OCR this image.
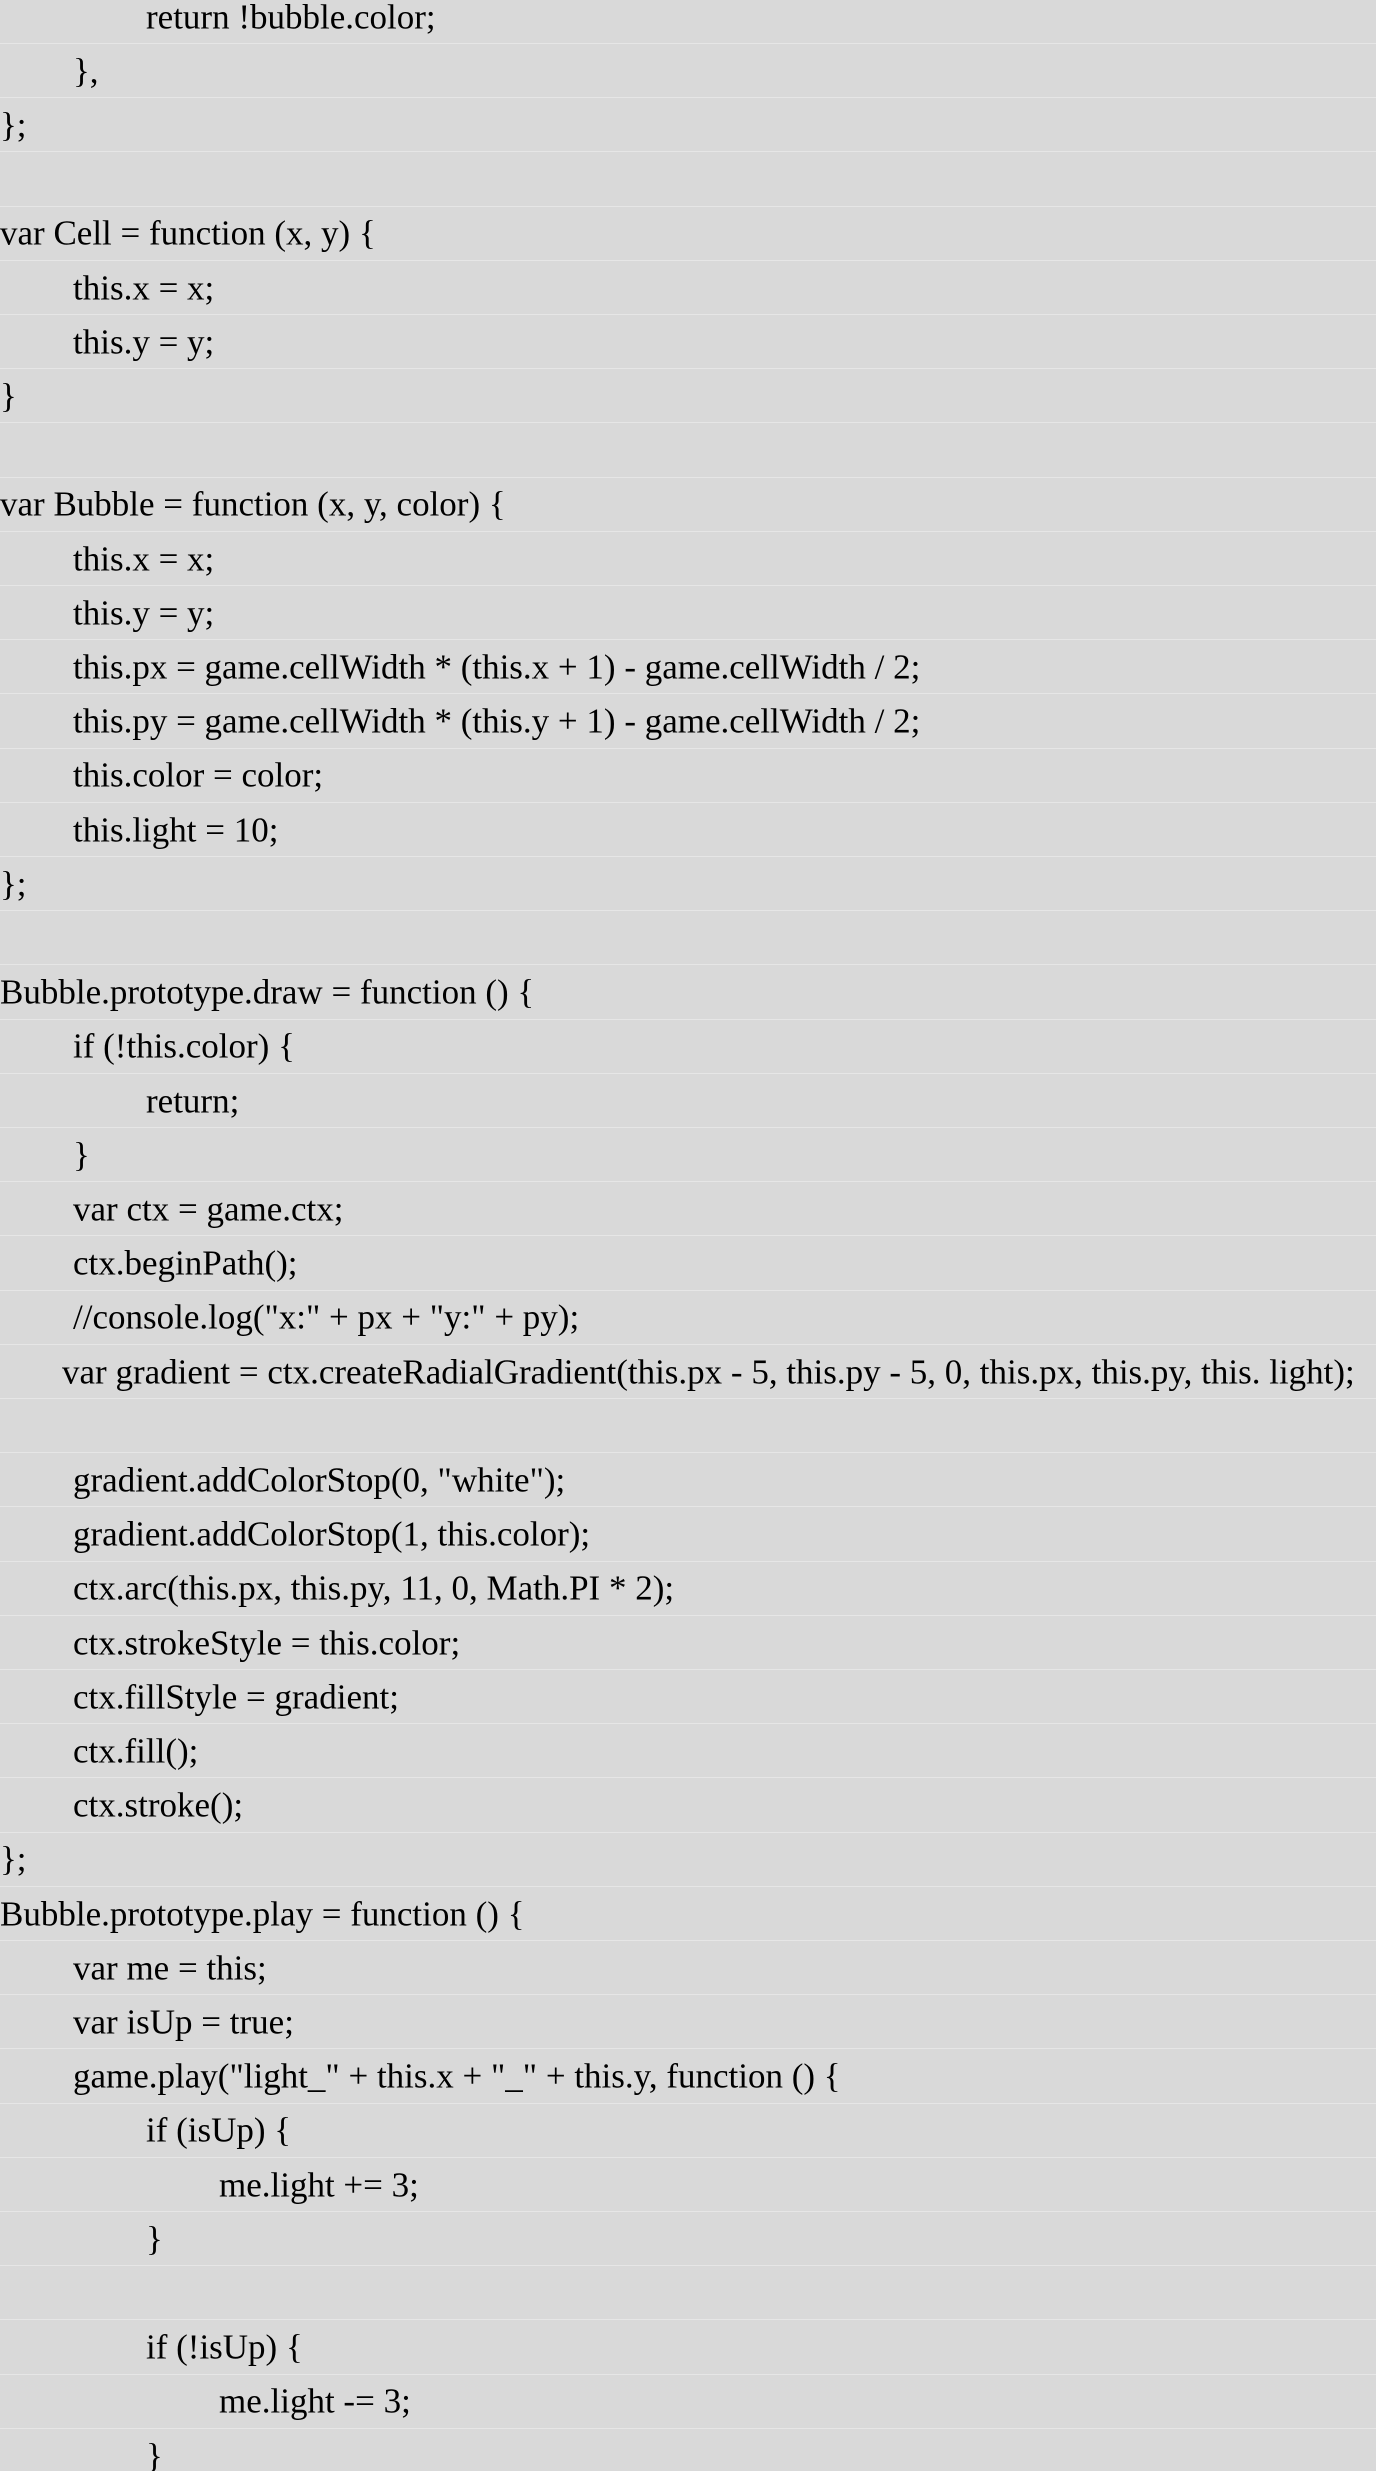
return !bubble.color;
},
};
var Cell = function (x, y) {
this.x = x;
this.y = y;
}
var Bubble = function (x, y, color) {
this.x = x;
this.y = y;
this.px = game.cellWidth * (this.x + 1) - game.cellWidth / 2;
this.py = game.cellWidth * (this.y + 1) - game.cellWidth / 2;
this.color = color;
this.light = 10;
};
Bubble.prototype.draw = function () {
if (!this.color) {
return;
}
var ctx = game.ctx;
ctx.beginPath();
//console.log("x:" + px + "y:" + py);
var gradient = ctx.createRadialGradient(this.px - 5, this.py - 5, 0, this.px, this.py, this. light);
gradient.addColorStop(0, "white");
gradient.addColorStop(1, this.color);
ctx.arc(this.px, this.py, 11, 0, Math.PI * 2);
ctx.strokeStyle = this.color;
ctx.fillStyle = gradient;
ctx.fill();
ctx.stroke();
};
Bubble.prototype.play = function () {
var me = this;
var isUp = true;
game.play("light_" + this.x + "_" + this.y, function () {
if (isUp) {
me.light += 3;
}
if (!isUp) {
me.light -= 3;
}
